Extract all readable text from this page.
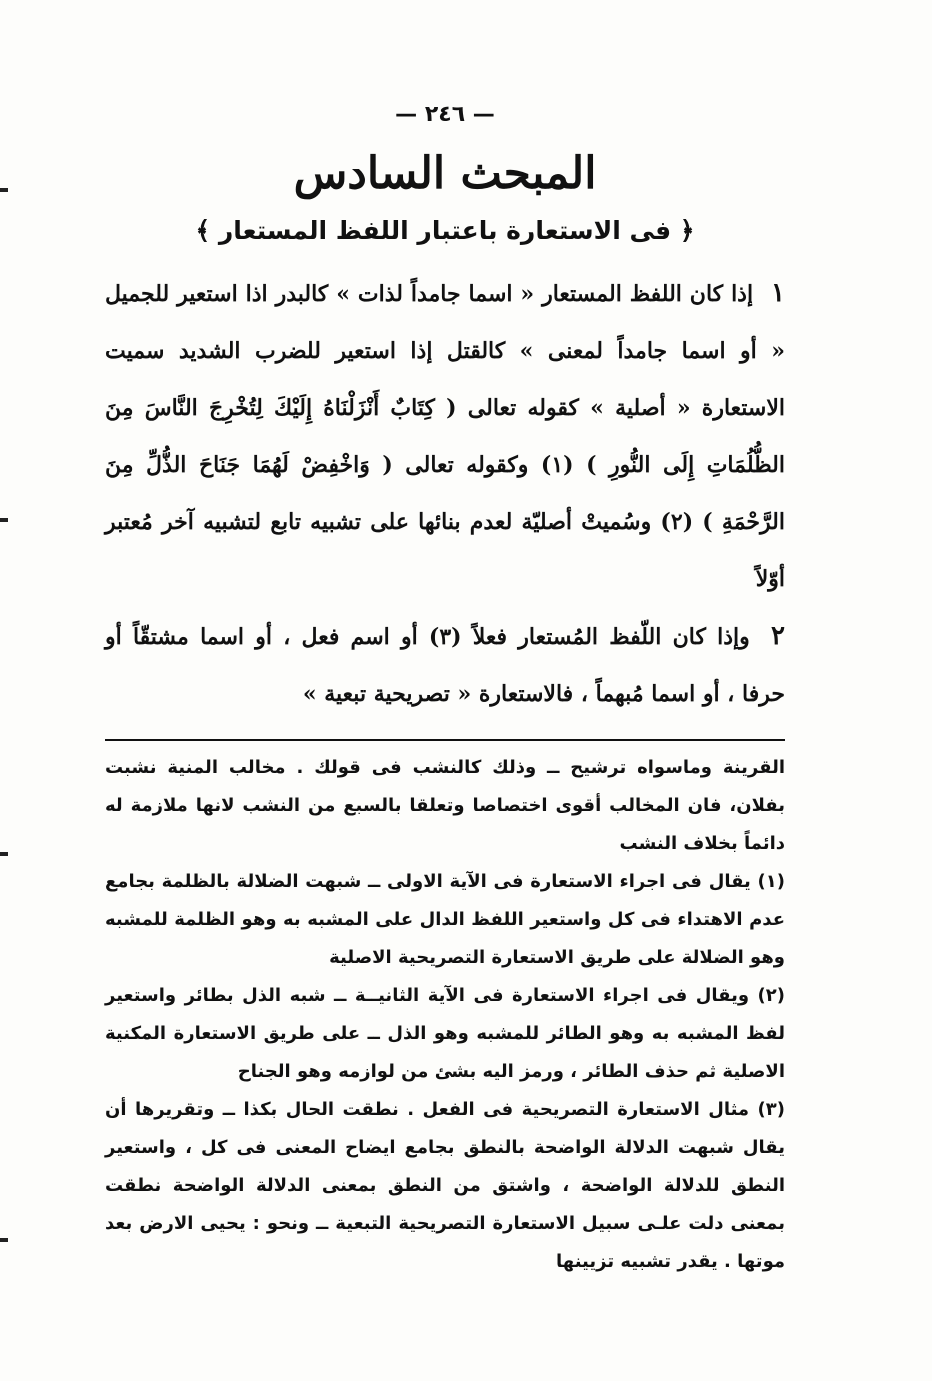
— ٢٤٦ —
المبحث السادس
﴿ فى الاستعارة باعتبار اللفظ المستعار ﴾
١ إذا كان اللفظ المستعار « اسما جامداً لذات » كالبدر اذا استعير للجميل « أو اسما جامداً لمعنى » كالقتل إذا استعير للضرب الشديد سميت الاستعارة « أصلية » كقوله تعالى ( كِتَابٌ أَنْزَلْنَاهُ إِلَيْكَ لِتُخْرِجَ النَّاسَ مِنَ الظُّلُمَاتِ إِلَى النُّورِ ) (١) وكقوله تعالى ( وَاخْفِضْ لَهُمَا جَنَاحَ الذُّلِّ مِنَ الرَّحْمَةِ ) (٢) وسُميتْ أصليّة لعدم بنائها على تشبيه تابع لتشبيه آخر مُعتبر أوّلاً
٢ وإذا كان اللّفظ المُستعار فعلاً (٣) أو اسم فعل ، أو اسما مشتقّاً أو حرفا ، أو اسما مُبهماً ، فالاستعارة « تصريحية تبعية »
القرينة وماسواه ترشيح ــ وذلك كالنشب فى قولك . مخالب المنية نشبت بفلان، فان المخالب أقوى اختصاصا وتعلقا بالسبع من النشب لانها ملازمة له دائماً بخلاف النشب
(١) يقال فى اجراء الاستعارة فى الآية الاولى ــ شبهت الضلالة بالظلمة بجامع عدم الاهتداء فى كل واستعير اللفظ الدال على المشبه به وهو الظلمة للمشبه وهو الضلالة على طريق الاستعارة التصريحية الاصلية
(٢) ويقال فى اجراء الاستعارة فى الآية الثانيــة ــ شبه الذل بطائر واستعير لفظ المشبه به وهو الطائر للمشبه وهو الذل ــ على طريق الاستعارة المكنية الاصلية ثم حذف الطائر ، ورمز اليه بشئ من لوازمه وهو الجناح
(٣) مثال الاستعارة التصريحية فى الفعل . نطقت الحال بكذا ــ وتقريرها أن يقال شبهت الدلالة الواضحة بالنطق بجامع ايضاح المعنى فى كل ، واستعير النطق للدلالة الواضحة ، واشتق من النطق بمعنى الدلالة الواضحة نطقت بمعنى دلت علـى سبيل الاستعارة التصريحية التبعية ــ ونحو : يحيى الارض بعد موتها . يقدر تشبيه تزيينها
